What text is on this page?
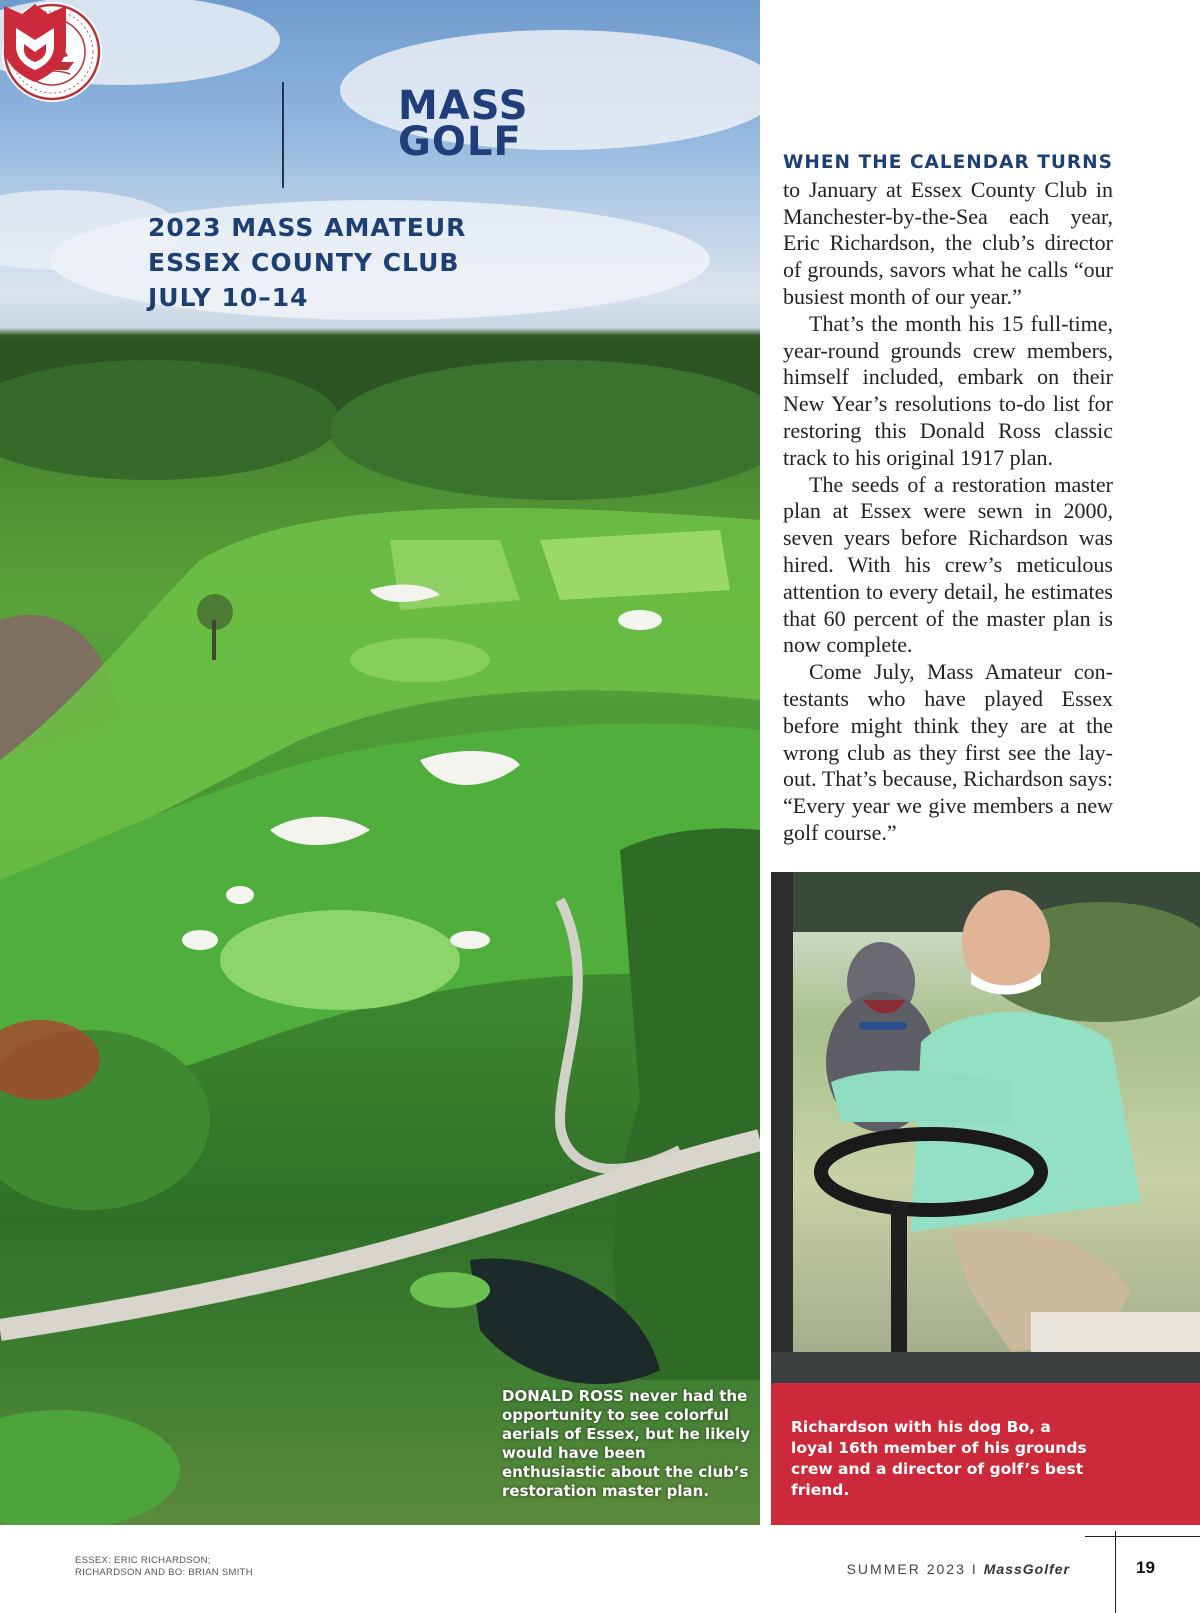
MASS
GOLF
2023 MASS AMATEUR
ESSEX COUNTY CLUB
JULY 10–14
DONALD ROSS never had the opportunity to see colorful aerials of Essex, but he likely would have been enthusiastic about the club’s restoration master plan.

WHEN THE CALENDAR TURNS to January at Essex County Club in Manchester-by-the-Sea each year, Eric Richardson, the club’s director of grounds, savors what he calls “our busiest month of our year.”

That’s the month his 15 full-time, year-round grounds crew members, himself included, embark on their New Year’s resolutions to-do list for restoring this Donald Ross classic track to his original 1917 plan.

The seeds of a restoration master plan at Essex were sewn in 2000, seven years before Richardson was hired. With his crew’s meticulous attention to every detail, he estimates that 60 percent of the master plan is now complete.

Come July, Mass Amateur contestants who have played Essex before might think they are at the wrong club as they first see the layout. That’s because, Richardson says: “Every year we give members a new golf course.”

Richardson with his dog Bo, a loyal 16th member of his grounds crew and a director of golf’s best friend.
ESSEX: ERIC RICHARDSON;
RICHARDSON AND BO: BRIAN SMITH	SUMMER 2023 I MassGolfer	19
